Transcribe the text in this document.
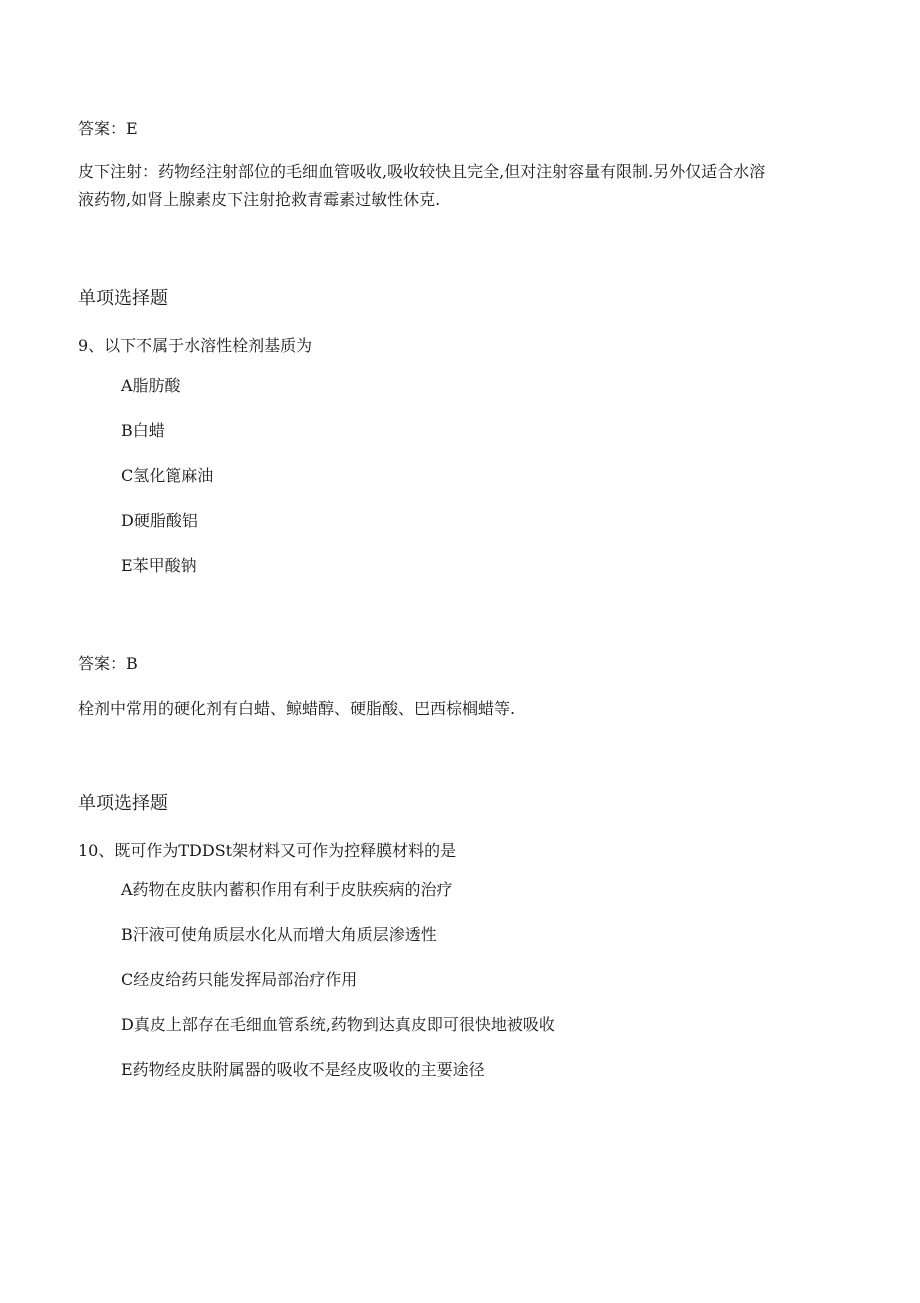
答案：E

皮下注射：药物经注射部位的毛细血管吸收,吸收较快且完全,但对注射容量有限制.另外仅适合水溶液药物,如肾上腺素皮下注射抢救青霉素过敏性休克.

单项选择题

9、以下不属于水溶性栓剂基质为

A脂肪酸

B白蜡

C氢化篦麻油

D硬脂酸铝

E苯甲酸钠

答案：B

栓剂中常用的硬化剂有白蜡、鲸蜡醇、硬脂酸、巴西棕榈蜡等.

单项选择题

10、既可作为TDDSt架材料又可作为控释膜材料的是

A药物在皮肤内蓄积作用有利于皮肤疾病的治疗

B汗液可使角质层水化从而增大角质层渗透性

C经皮给药只能发挥局部治疗作用

D真皮上部存在毛细血管系统,药物到达真皮即可很快地被吸收

E药物经皮肤附属器的吸收不是经皮吸收的主要途径
